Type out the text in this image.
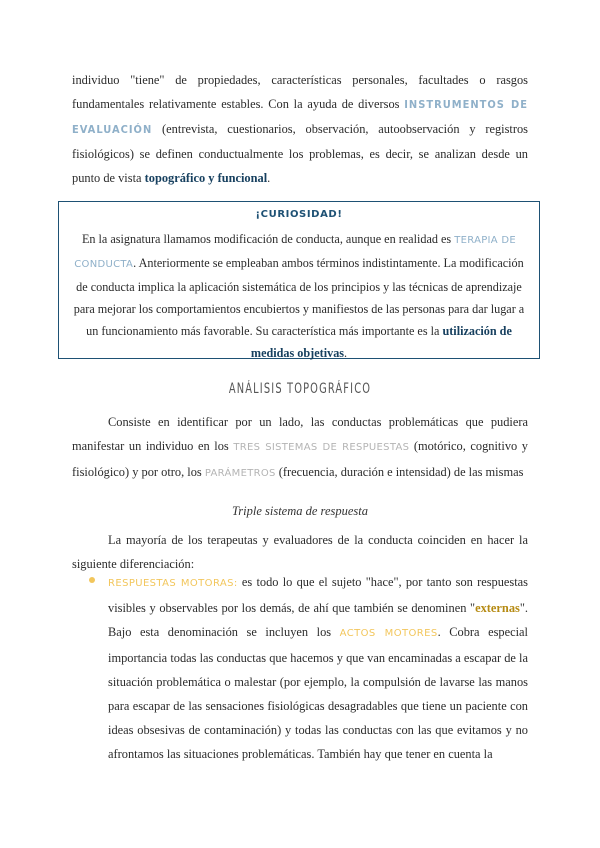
individuo "tiene" de propiedades, características personales, facultades o rasgos fundamentales relativamente estables. Con la ayuda de diversos INSTRUMENTOS DE EVALUACIÓN (entrevista, cuestionarios, observación, autoobservación y registros fisiológicos) se definen conductualmente los problemas, es decir, se analizan desde un punto de vista topográfico y funcional.

¡CURIOSIDAD!
En la asignatura llamamos modificación de conducta, aunque en realidad es TERAPIA DE CONDUCTA. Anteriormente se empleaban ambos términos indistintamente. La modificación de conducta implica la aplicación sistemática de los principios y las técnicas de aprendizaje para mejorar los comportamientos encubiertos y manifiestos de las personas para dar lugar a un funcionamiento más favorable. Su característica más importante es la utilización de medidas objetivas.
ANÁLISIS TOPOGRÁFICO

Consiste en identificar por un lado, las conductas problemáticas que pudiera manifestar un individuo en los TRES SISTEMAS DE RESPUESTAS (motórico, cognitivo y fisiológico) y por otro, los PARÁMETROS (frecuencia, duración e intensidad) de las mismas

Triple sistema de respuesta

La mayoría de los terapeutas y evaluadores de la conducta coinciden en hacer la siguiente diferenciación:

RESPUESTAS MOTORAS: es todo lo que el sujeto "hace", por tanto son respuestas visibles y observables por los demás, de ahí que también se denominen "externas". Bajo esta denominación se incluyen los ACTOS MOTORES. Cobra especial importancia todas las conductas que hacemos y que van encaminadas a escapar de la situación problemática o malestar (por ejemplo, la compulsión de lavarse las manos para escapar de las sensaciones fisiológicas desagradables que tiene un paciente con ideas obsesivas de contaminación) y todas las conductas con las que evitamos y no afrontamos las situaciones problemáticas. También hay que tener en cuenta la
